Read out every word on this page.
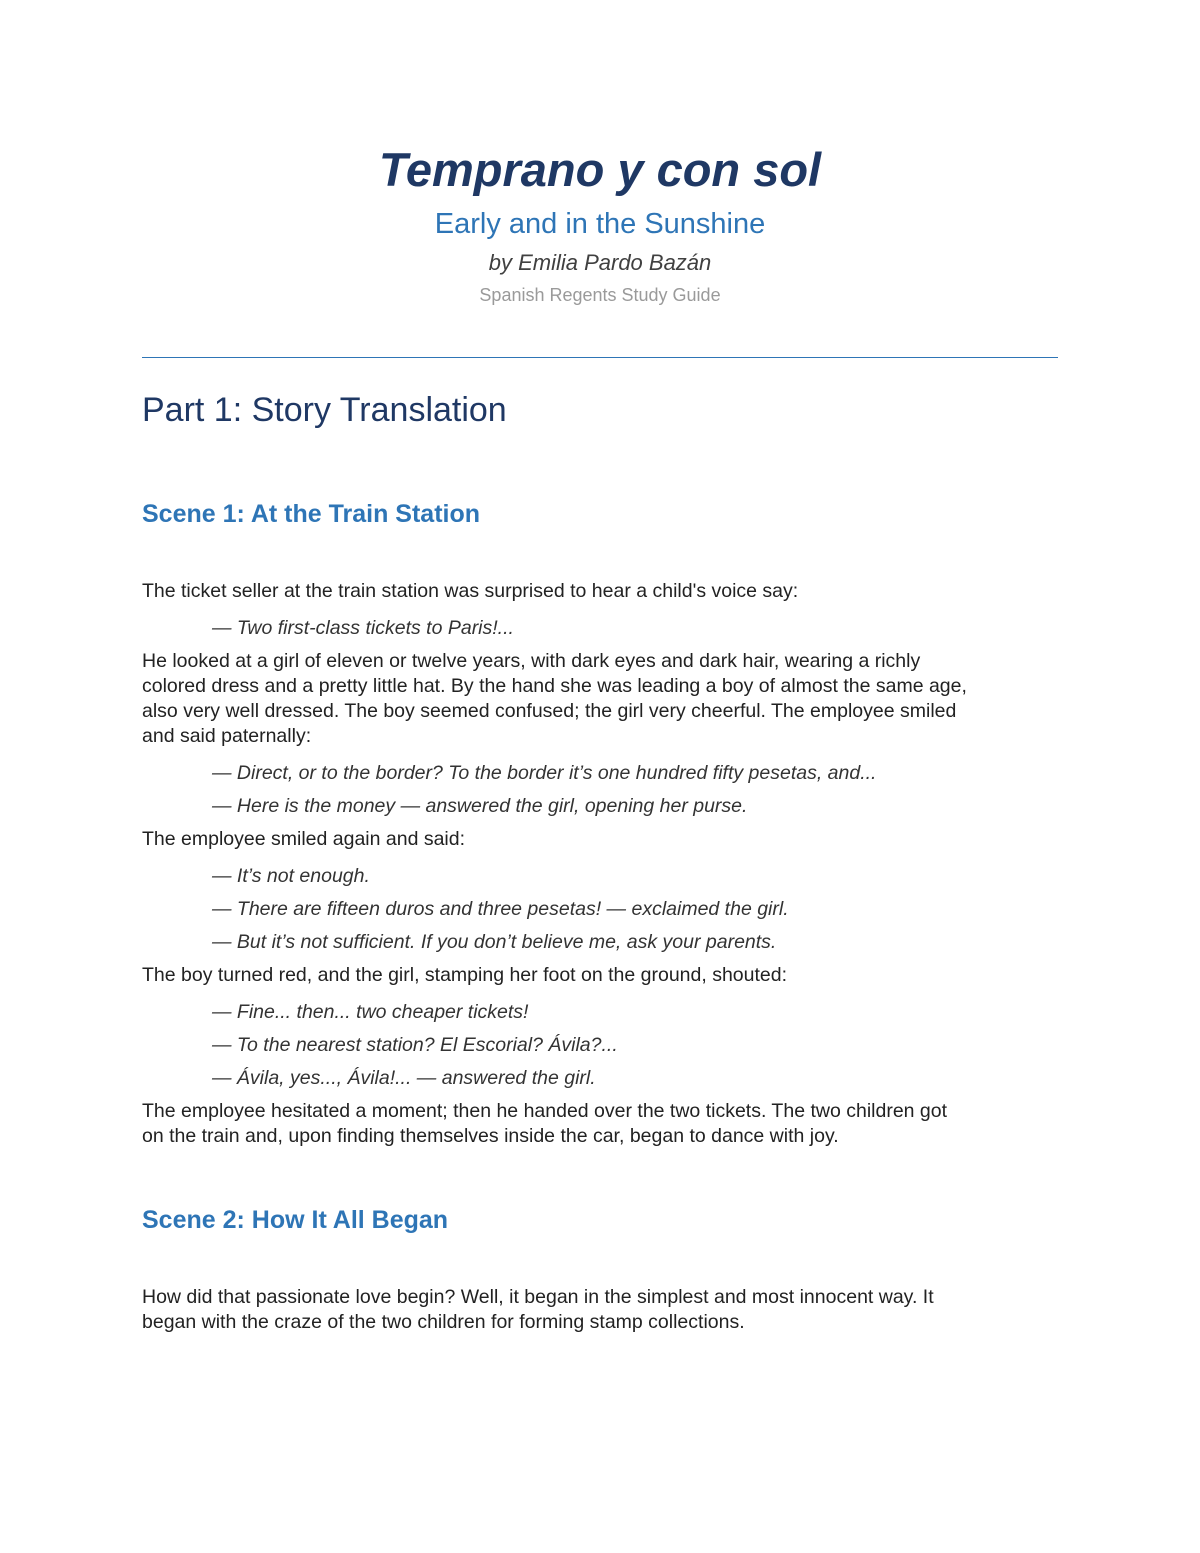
Temprano y con sol

Early and in the Sunshine

by Emilia Pardo Bazán

Spanish Regents Study Guide

Part 1: Story Translation
Scene 1: At the Train Station

The ticket seller at the train station was surprised to hear a child's voice say:

— Two first-class tickets to Paris!...

He looked at a girl of eleven or twelve years, with dark eyes and dark hair, wearing a richly

colored dress and a pretty little hat. By the hand she was leading a boy of almost the same age,

also very well dressed. The boy seemed confused; the girl very cheerful. The employee smiled

and said paternally:

— Direct, or to the border? To the border it’s one hundred fifty pesetas, and...

— Here is the money — answered the girl, opening her purse.

The employee smiled again and said:

— It’s not enough.

— There are fifteen duros and three pesetas! — exclaimed the girl.

— But it’s not sufficient. If you don’t believe me, ask your parents.

The boy turned red, and the girl, stamping her foot on the ground, shouted:

— Fine... then... two cheaper tickets!

— To the nearest station? El Escorial? Ávila?...

— Ávila, yes..., Ávila!... — answered the girl.

The employee hesitated a moment; then he handed over the two tickets. The two children got

on the train and, upon finding themselves inside the car, began to dance with joy.

Scene 2: How It All Began

How did that passionate love begin? Well, it began in the simplest and most innocent way. It

began with the craze of the two children for forming stamp collections.
